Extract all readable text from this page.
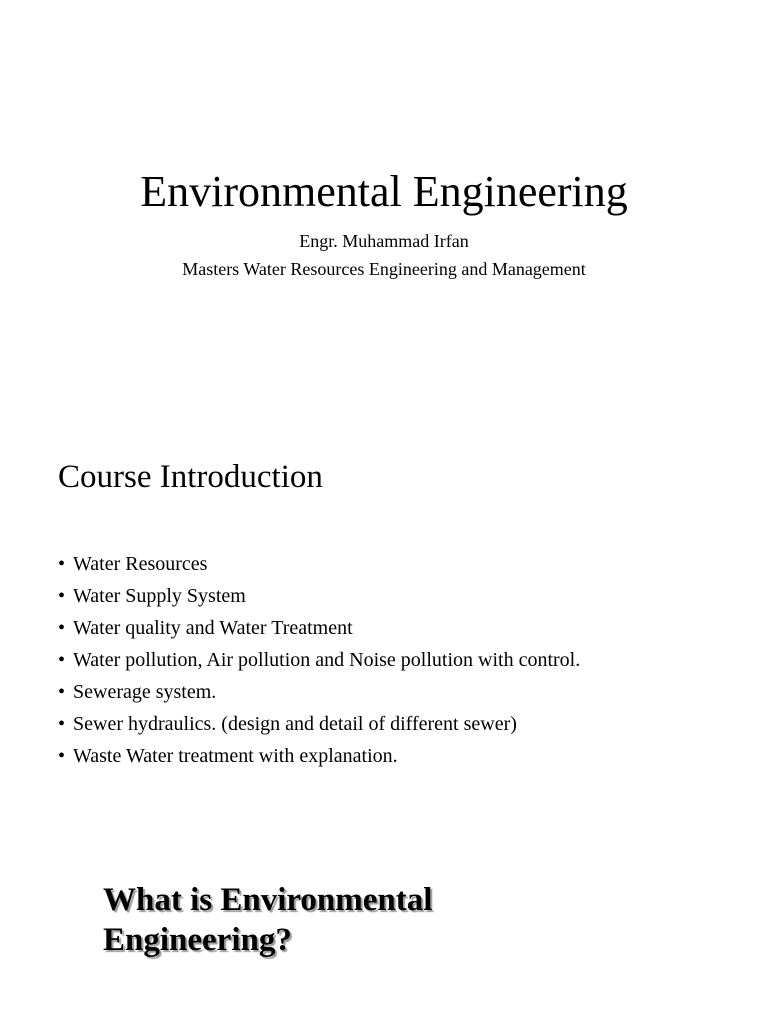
Environmental Engineering
Engr. Muhammad Irfan
Masters Water Resources Engineering and Management
Course Introduction
• Water Resources
• Water Supply System
• Water quality and Water Treatment
• Water pollution, Air pollution and Noise pollution with control.
• Sewerage system.
• Sewer hydraulics. (design and detail of different sewer)
• Waste Water treatment with explanation.
What is Environmental Engineering?
